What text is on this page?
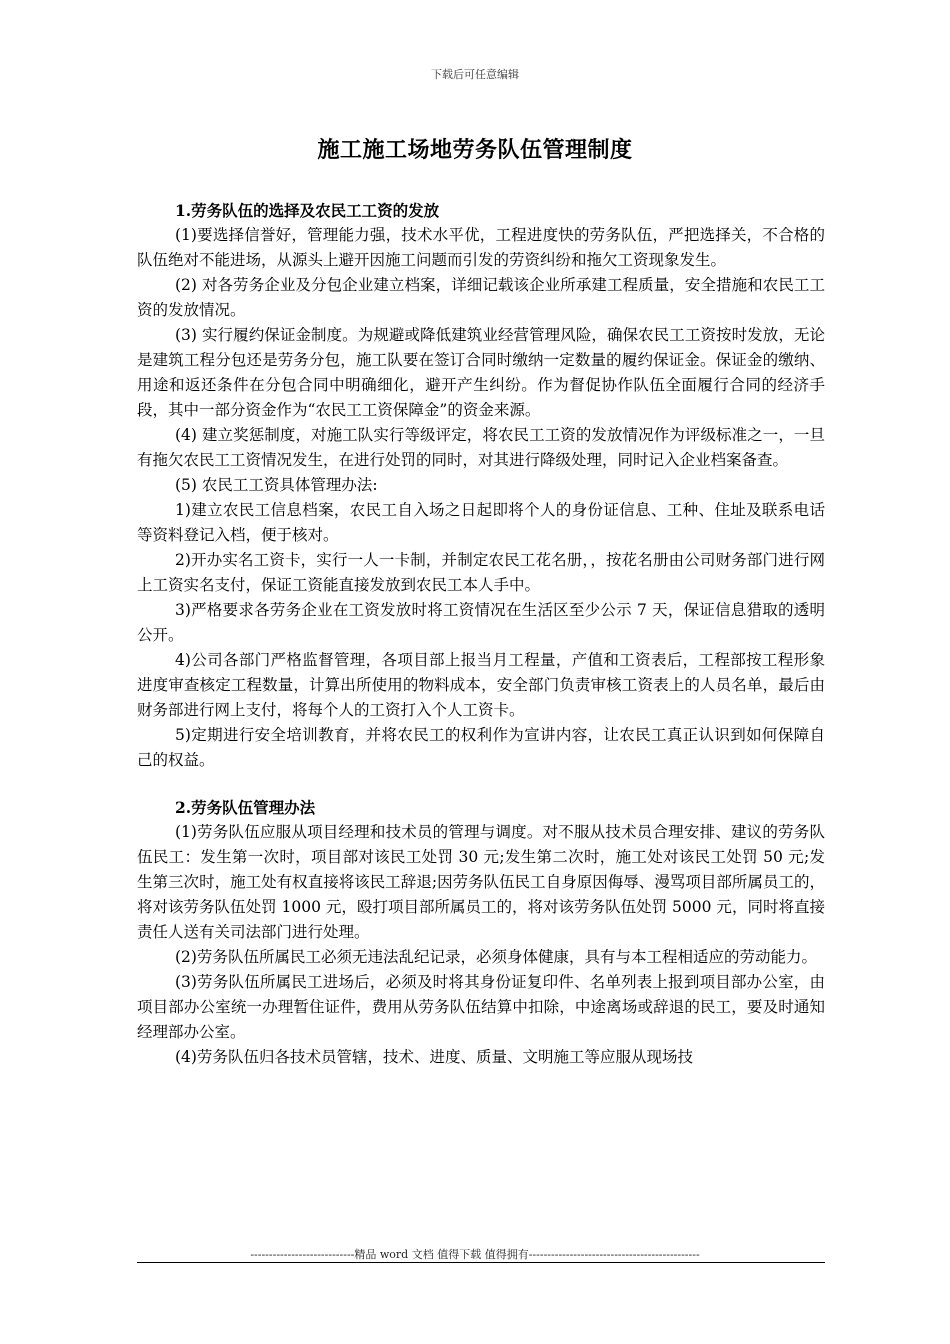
下载后可任意编辑
施工施工场地劳务队伍管理制度

1.劳务队伍的选择及农民工工资的发放

(1)要选择信誉好，管理能力强，技术水平优，工程进度快的劳务队伍，严把选择关，不合格的队伍绝对不能进场，从源头上避开因施工问题而引发的劳资纠纷和拖欠工资现象发生。

(2) 对各劳务企业及分包企业建立档案，详细记载该企业所承建工程质量，安全措施和农民工工资的发放情况。

(3) 实行履约保证金制度。为规避或降低建筑业经营管理风险，确保农民工工资按时发放，无论是建筑工程分包还是劳务分包，施工队要在签订合同时缴纳一定数量的履约保证金。保证金的缴纳、用途和返还条件在分包合同中明确细化，避开产生纠纷。作为督促协作队伍全面履行合同的经济手段，其中一部分资金作为“农民工工资保障金”的资金来源。

(4) 建立奖惩制度，对施工队实行等级评定，将农民工工资的发放情况作为评级标准之一，一旦有拖欠农民工工资情况发生，在进行处罚的同时，对其进行降级处理，同时记入企业档案备查。

(5) 农民工工资具体管理办法:

1)建立农民工信息档案，农民工自入场之日起即将个人的身份证信息、工种、住址及联系电话等资料登记入档，便于核对。

2)开办实名工资卡，实行一人一卡制，并制定农民工花名册，，按花名册由公司财务部门进行网上工资实名支付，保证工资能直接发放到农民工本人手中。

3)严格要求各劳务企业在工资发放时将工资情况在生活区至少公示 7 天，保证信息猎取的透明公开。

4)公司各部门严格监督管理，各项目部上报当月工程量，产值和工资表后，工程部按工程形象进度审查核定工程数量，计算出所使用的物料成本，安全部门负责审核工资表上的人员名单，最后由财务部进行网上支付，将每个人的工资打入个人工资卡。

5)定期进行安全培训教育，并将农民工的权利作为宣讲内容，让农民工真正认识到如何保障自己的权益。

2.劳务队伍管理办法

(1)劳务队伍应服从项目经理和技术员的管理与调度。对不服从技术员合理安排、建议的劳务队伍民工：发生第一次时，项目部对该民工处罚 30 元;发生第二次时，施工处对该民工处罚 50 元;发生第三次时，施工处有权直接将该民工辞退;因劳务队伍民工自身原因侮辱、漫骂项目部所属员工的，将对该劳务队伍处罚 1000 元，殴打项目部所属员工的，将对该劳务队伍处罚 5000 元，同时将直接责任人送有关司法部门进行处理。

(2)劳务队伍所属民工必须无违法乱纪记录，必须身体健康，具有与本工程相适应的劳动能力。

(3)劳务队伍所属民工进场后，必须及时将其身份证复印件、名单列表上报到项目部办公室，由项目部办公室统一办理暂住证件，费用从劳务队伍结算中扣除，中途离场或辞退的民工，要及时通知经理部办公室。

(4)劳务队伍归各技术员管辖，技术、进度、质量、文明施工等应服从现场技

----------------------------精品 word 文档 值得下载 值得拥有----------------------------------------------
